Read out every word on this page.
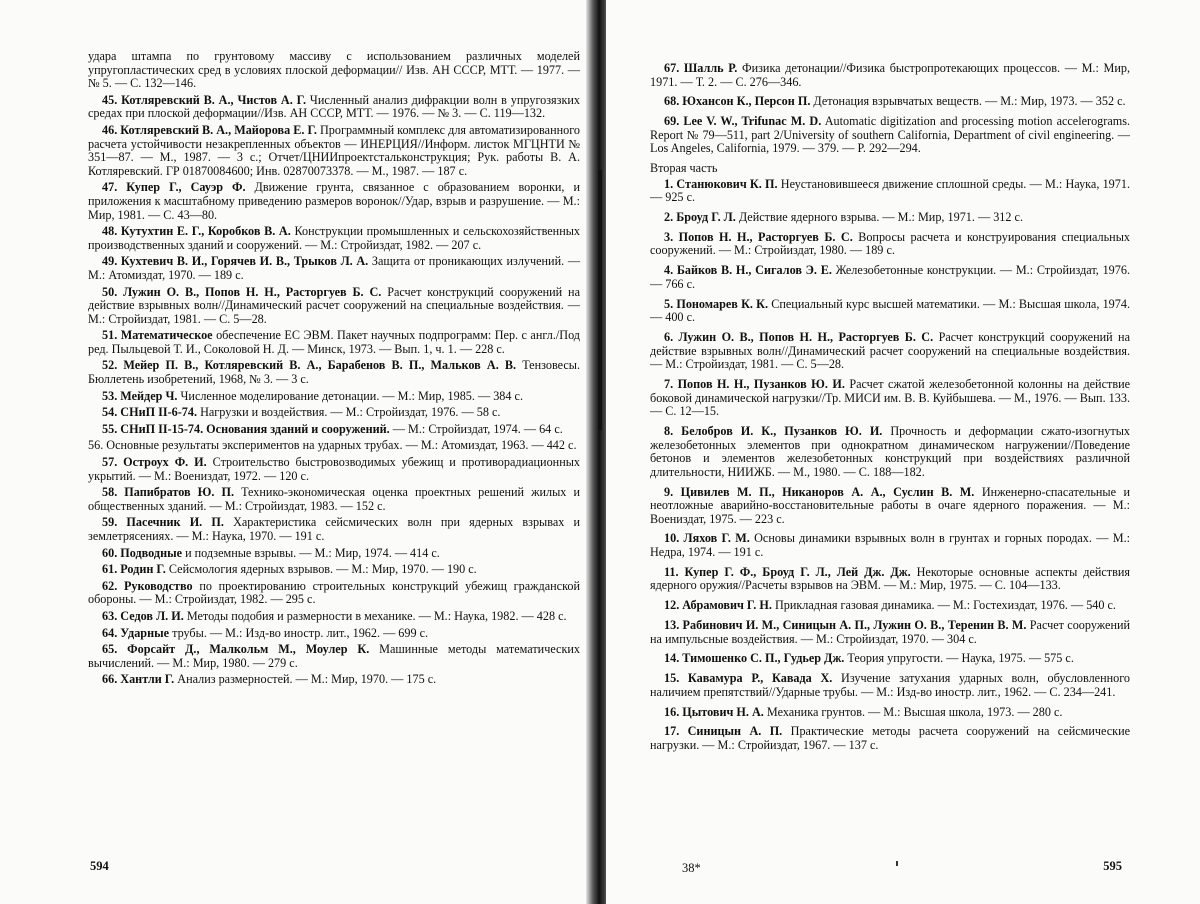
удара штампа по грунтовому массиву с использованием различных моделей упругопластических сред в условиях плоской деформации// Изв. АН СССР, МТТ. — 1977. — № 5. — С. 132—146.

45. Котляревский В. А., Чистов А. Г. Численный анализ дифракции волн в упругозязких средах при плоской деформации//Изв. АН СССР, МТТ. — 1976. — № 3. — С. 119—132.

46. Котляревский В. А., Майорова Е. Г. Программный комплекс для автоматизированного расчета устойчивости незакрепленных объектов — ИНЕРЦИЯ//Информ. листок МГЦНТИ № 351—87. — М., 1987. — 3 с.; Отчет/ЦНИИпроектстальконструкция; Рук. работы В. А. Котляревский. ГР 01870084600; Инв. 02870073378. — М., 1987. — 187 с.

47. Купер Г., Сауэр Ф. Движение грунта, связанное с образованием воронки, и приложения к масштабному приведению размеров воронок//Удар, взрыв и разрушение. — М.: Мир, 1981. — С. 43—80.

48. Кутухтин Е. Г., Коробков В. А. Конструкции промышленных и сельскохозяйственных производственных зданий и сооружений. — М.: Стройиздат, 1982. — 207 с.

49. Кухтевич В. И., Горячев И. В., Трыков Л. А. Защита от проникающих излучений. — М.: Атомиздат, 1970. — 189 с.

50. Лужин О. В., Попов Н. Н., Расторгуев Б. С. Расчет конструкций сооружений на действие взрывных волн//Динамический расчет сооружений на специальные воздействия. — М.: Стройиздат, 1981. — С. 5—28.

51. Математическое обеспечение ЕС ЭВМ. Пакет научных подпрограмм: Пер. с англ./Под ред. Пыльцевой Т. И., Соколовой Н. Д. — Минск, 1973. — Вып. 1, ч. 1. — 228 с.

52. Мейер П. В., Котляревский В. А., Барабенов В. П., Мальков А. В. Тензовесы. Бюллетень изобретений, 1968, № 3. — 3 с.

53. Мейдер Ч. Численное моделирование детонации. — М.: Мир, 1985. — 384 с.

54. СНиП II-6-74. Нагрузки и воздействия. — М.: Стройиздат, 1976. — 58 с.

55. СНиП II-15-74. Основания зданий и сооружений. — М.: Стройиздат, 1974. — 64 с.

56. Основные результаты экспериментов на ударных трубах. — М.: Атомиздат, 1963. — 442 с.

57. Остроух Ф. И. Строительство быстровозводимых убежищ и противорадиационных укрытий. — М.: Воениздат, 1972. — 120 с.

58. Папибратов Ю. П. Технико-экономическая оценка проектных решений жилых и общественных зданий. — М.: Стройиздат, 1983. — 152 с.

59. Пасечник И. П. Характеристика сейсмических волн при ядерных взрывах и землетрясениях. — М.: Наука, 1970. — 191 с.

60. Подводные и подземные взрывы. — М.: Мир, 1974. — 414 с.

61. Родин Г. Сейсмология ядерных взрывов. — М.: Мир, 1970. — 190 с.

62. Руководство по проектированию строительных конструкций убежищ гражданской обороны. — М.: Стройиздат, 1982. — 295 с.

63. Седов Л. И. Методы подобия и размерности в механике. — М.: Наука, 1982. — 428 с.

64. Ударные трубы. — М.: Изд-во иностр. лит., 1962. — 699 с.

65. Форсайт Д., Малкольм М., Моулер К. Машинные методы математических вычислений. — М.: Мир, 1980. — 279 с.

66. Хантли Г. Анализ размерностей. — М.: Мир, 1970. — 175 с.

594

67. Шалль Р. Физика детонации//Физика быстропротекающих процессов. — М.: Мир, 1971. — Т. 2. — С. 276—346.

68. Юхансон К., Персон П. Детонация взрывчатых веществ. — М.: Мир, 1973. — 352 с.

69. Lee V. W., Trifunac M. D. Automatic digitization and processing motion accelerograms. Report № 79—511, part 2/University of southern California, Department of civil engineering. — Los Angeles, California, 1979. — 379. — P. 292—294.

Вторая часть

1. Станюкович К. П. Неустановившееся движение сплошной среды. — М.: Наука, 1971. — 925 с.

2. Броуд Г. Л. Действие ядерного взрыва. — М.: Мир, 1971. — 312 с.

3. Попов Н. Н., Расторгуев Б. С. Вопросы расчета и конструирования специальных сооружений. — М.: Стройиздат, 1980. — 189 с.

4. Байков В. Н., Сигалов Э. Е. Железобетонные конструкции. — М.: Стройиздат, 1976. — 766 с.

5. Пономарев К. К. Специальный курс высшей математики. — М.: Высшая школа, 1974. — 400 с.

6. Лужин О. В., Попов Н. Н., Расторгуев Б. С. Расчет конструкций сооружений на действие взрывных волн//Динамический расчет сооружений на специальные воздействия. — М.: Стройиздат, 1981. — С. 5—28.

7. Попов Н. Н., Пузанков Ю. И. Расчет сжатой железобетонной колонны на действие боковой динамической нагрузки//Тр. МИСИ им. В. В. Куйбышева. — М., 1976. — Вып. 133. — С. 12—15.

8. Белобров И. К., Пузанков Ю. И. Прочность и деформации сжато-изогнутых железобетонных элементов при однократном динамическом нагружении//Поведение бетонов и элементов железобетонных конструкций при воздействиях различной длительности, НИИЖБ. — М., 1980. — С. 188—182.

9. Цивилев М. П., Никаноров А. А., Суслин В. М. Инженерно-спасательные и неотложные аварийно-восстановительные работы в очаге ядерного поражения. — М.: Воениздат, 1975. — 223 с.

10. Ляхов Г. М. Основы динамики взрывных волн в грунтах и горных породах. — М.: Недра, 1974. — 191 с.

11. Купер Г. Ф., Броуд Г. Л., Лей Дж. Дж. Некоторые основные аспекты действия ядерного оружия//Расчеты взрывов на ЭВМ. — М.: Мир, 1975. — С. 104—133.

12. Абрамович Г. Н. Прикладная газовая динамика. — М.: Гостехиздат, 1976. — 540 с.

13. Рабинович И. М., Синицын А. П., Лужин О. В., Теренин В. М. Расчет сооружений на импульсные воздействия. — М.: Стройиздат, 1970. — 304 с.

14. Тимошенко С. П., Гудьер Дж. Теория упругости. — Наука, 1975. — 575 с.

15. Кавамура Р., Кавада Х. Изучение затухания ударных волн, обусловленного наличием препятствий//Ударные трубы. — М.: Изд-во иностр. лит., 1962. — С. 234—241.

16. Цытович Н. А. Механика грунтов. — М.: Высшая школа, 1973. — 280 с.

17. Синицын А. П. Практические методы расчета сооружений на сейсмические нагрузки. — М.: Стройиздат, 1967. — 137 с.

38*	595
